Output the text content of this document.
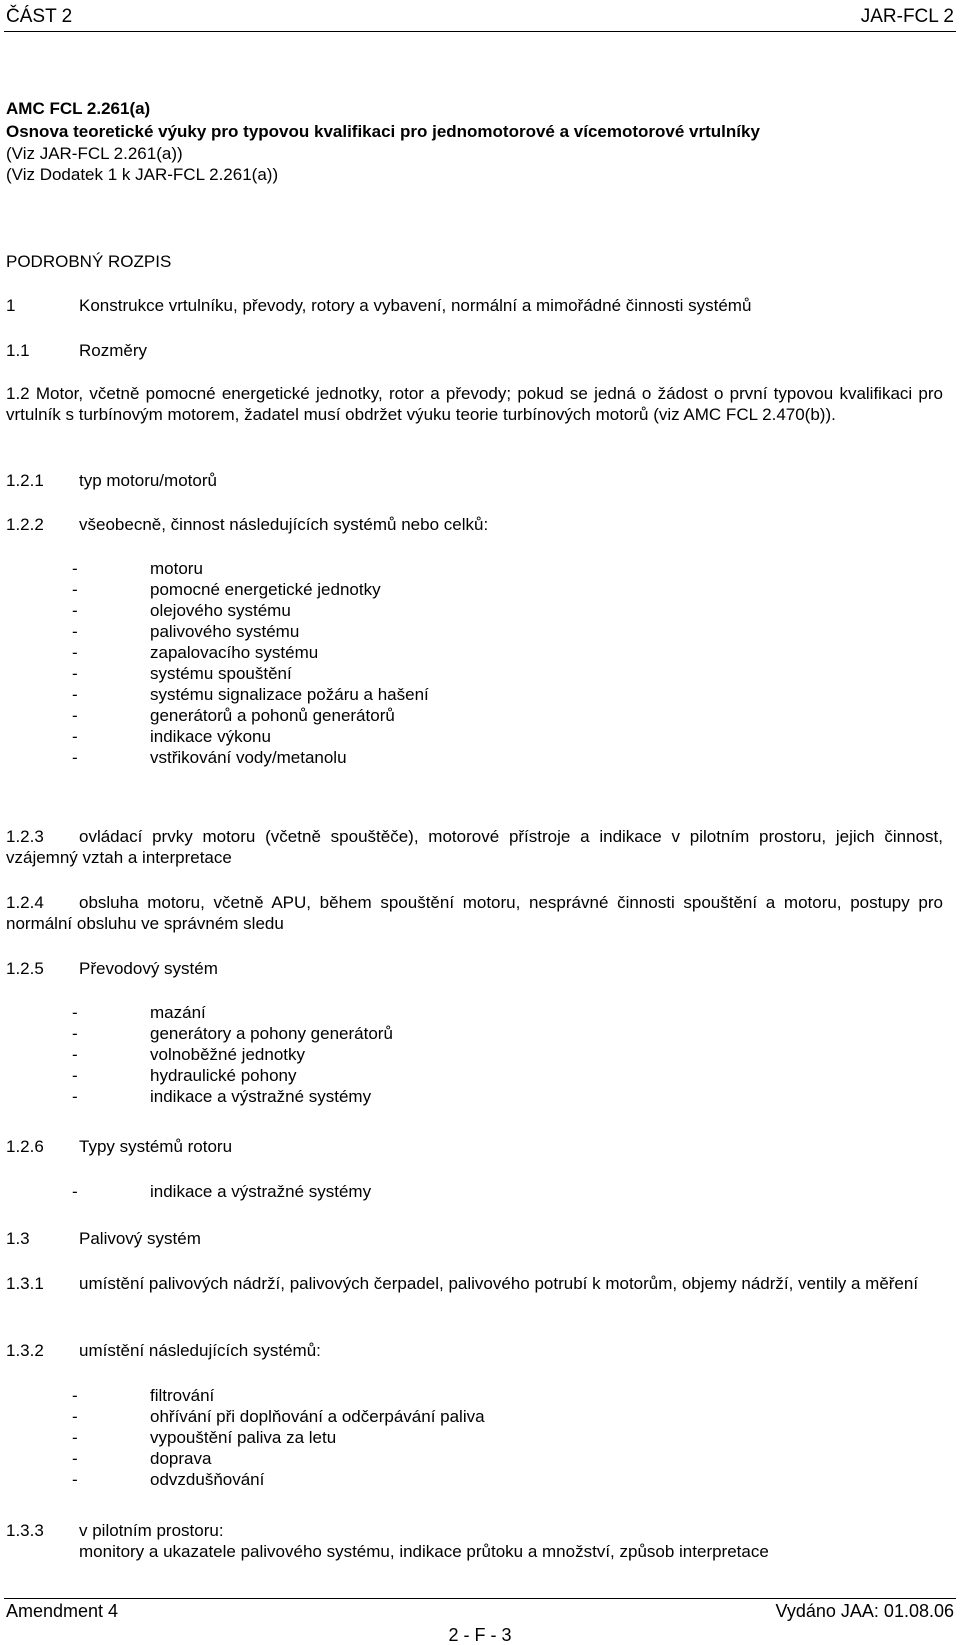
ČÁST 2	JAR-FCL 2
AMC FCL 2.261(a)
Osnova teoretické výuky pro typovou kvalifikaci pro jednomotorové a vícemotorové vrtulníky
(Viz JAR-FCL 2.261(a))
(Viz Dodatek 1 k JAR-FCL 2.261(a))
PODROBNÝ ROZPIS
1	Konstrukce vrtulníku, převody, rotory a vybavení, normální a mimořádné činnosti systémů
1.1	Rozměry
1.2 Motor, včetně pomocné energetické jednotky, rotor a převody; pokud se jedná o žádost o první typovou kvalifikaci pro vrtulník s turbínovým motorem, žadatel musí obdržet výuku teorie turbínových motorů (viz AMC FCL 2.470(b)).
1.2.1	typ motoru/motorů
1.2.2	všeobecně, činnost následujících systémů nebo celků:
-	motoru
-	pomocné energetické jednotky
-	olejového systému
-	palivového systému
-	zapalovacího systému
-	systému spouštění
-	systému signalizace požáru a hašení
-	generátorů a pohonů generátorů
-	indikace výkonu
-	vstřikování vody/metanolu
1.2.3 ovládací prvky motoru (včetně spouštěče), motorové přístroje a indikace v pilotním prostoru, jejich činnost, vzájemný vztah a interpretace
1.2.4 obsluha motoru, včetně APU, během spouštění motoru, nesprávné činnosti spouštění a motoru, postupy pro normální obsluhu ve správném sledu
1.2.5	Převodový systém
-	mazání
-	generátory a pohony generátorů
-	volnoběžné jednotky
-	hydraulické pohony
-	indikace a výstražné systémy
1.2.6	Typy systémů rotoru
-	indikace a výstražné systémy
1.3	Palivový systém
1.3.1 umístění palivových nádrží, palivových čerpadel, palivového potrubí k motorům, objemy nádrží, ventily a měření
1.3.2	umístění následujících systémů:
-	filtrování
-	ohřívání při doplňování a odčerpávání paliva
-	vypouštění paliva za letu
-	doprava
-	odvzdušňování
1.3.3	v pilotním prostoru:
monitory a ukazatele palivového systému, indikace průtoku a množství, způsob interpretace
Amendment 4	Vydáno JAA: 01.08.06
2 - F - 3
